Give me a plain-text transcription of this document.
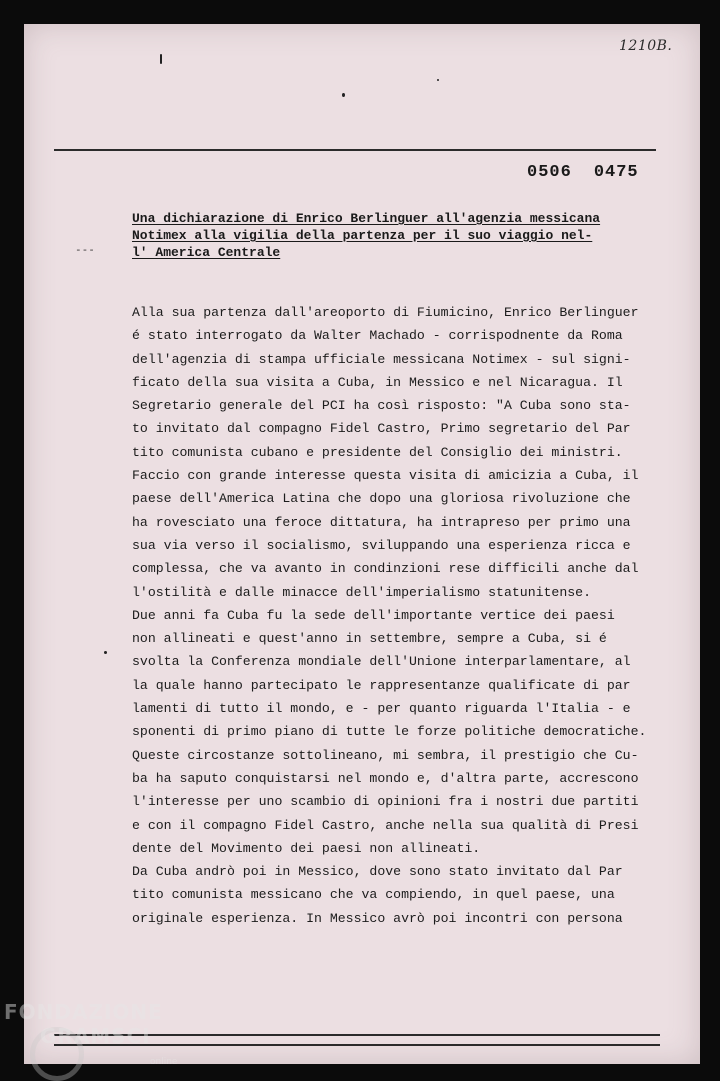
1210B.
0506 0475
---
Una dichiarazione di Enrico Berlinguer all'agenzia messicana
Notimex alla vigilia della partenza per il suo viaggio nel-
l' America Centrale
Alla sua partenza dall'areoporto di Fiumicino, Enrico Berlinguer
é stato interrogato da Walter Machado - corrispodnente da Roma
dell'agenzia di stampa ufficiale messicana Notimex - sul signi-
ficato della sua visita a Cuba, in Messico e nel Nicaragua. Il
Segretario generale del PCI ha così risposto: "A Cuba sono sta-
to invitato dal compagno Fidel Castro, Primo segretario del Par
tito comunista cubano e presidente del Consiglio dei ministri.
Faccio con grande interesse questa visita di amicizia a Cuba, il
paese dell'America Latina che dopo una gloriosa rivoluzione che
ha rovesciato una feroce dittatura, ha intrapreso per primo una
sua via verso il socialismo, sviluppando una esperienza ricca e
complessa, che va avanto in condinzioni rese difficili anche dal
l'ostilità e dalle minacce dell'imperialismo statunitense.
Due anni fa Cuba fu la sede dell'importante vertice dei paesi
non allineati e quest'anno in settembre, sempre a Cuba, si é
svolta la Conferenza mondiale dell'Unione interparlamentare, al
la quale hanno partecipato le rappresentanze qualificate di par
lamenti di tutto il mondo, e - per quanto riguarda l'Italia - e
sponenti di primo piano di tutte le forze politiche democratiche.
Queste circostanze sottolineano, mi sembra, il prestigio che Cu-
ba ha saputo conquistarsi nel mondo e, d'altra parte, accrescono
l'interesse per uno scambio di opinioni fra i nostri due partiti
e con il compagno Fidel Castro, anche nella sua qualità di Presi
dente del Movimento dei paesi non allineati.
Da Cuba andrò poi in Messico, dove sono stato invitato dal Par
tito comunista messicano che va compiendo, in quel paese, una
originale esperienza. In Messico avrò poi incontri con persona
FONDAZIONE
GRAMSCI
online
